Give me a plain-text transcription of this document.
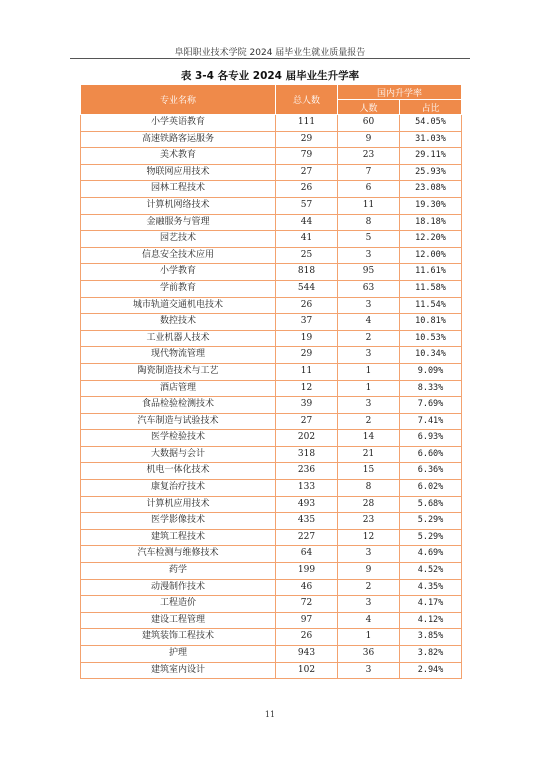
阜阳职业技术学院 2024 届毕业生就业质量报告
表 3-4 各专业 2024 届毕业生升学率
专业名称	总人数	国内升学率	
		人数	占比
小学英语教育	111	60	54.05%
高速铁路客运服务	29	9	31.03%
美术教育	79	23	29.11%
物联网应用技术	27	7	25.93%
园林工程技术	26	6	23.08%
计算机网络技术	57	11	19.30%
金融服务与管理	44	8	18.18%
园艺技术	41	5	12.20%
信息安全技术应用	25	3	12.00%
小学教育	818	95	11.61%
学前教育	544	63	11.58%
城市轨道交通机电技术	26	3	11.54%
数控技术	37	4	10.81%
工业机器人技术	19	2	10.53%
现代物流管理	29	3	10.34%
陶瓷制造技术与工艺	11	1	9.09%
酒店管理	12	1	8.33%
食品检验检测技术	39	3	7.69%
汽车制造与试验技术	27	2	7.41%
医学检验技术	202	14	6.93%
大数据与会计	318	21	6.60%
机电一体化技术	236	15	6.36%
康复治疗技术	133	8	6.02%
计算机应用技术	493	28	5.68%
医学影像技术	435	23	5.29%
建筑工程技术	227	12	5.29%
汽车检测与维修技术	64	3	4.69%
药学	199	9	4.52%
动漫制作技术	46	2	4.35%
工程造价	72	3	4.17%
建设工程管理	97	4	4.12%
建筑装饰工程技术	26	1	3.85%
护理	943	36	3.82%
建筑室内设计	102	3	2.94%
11
